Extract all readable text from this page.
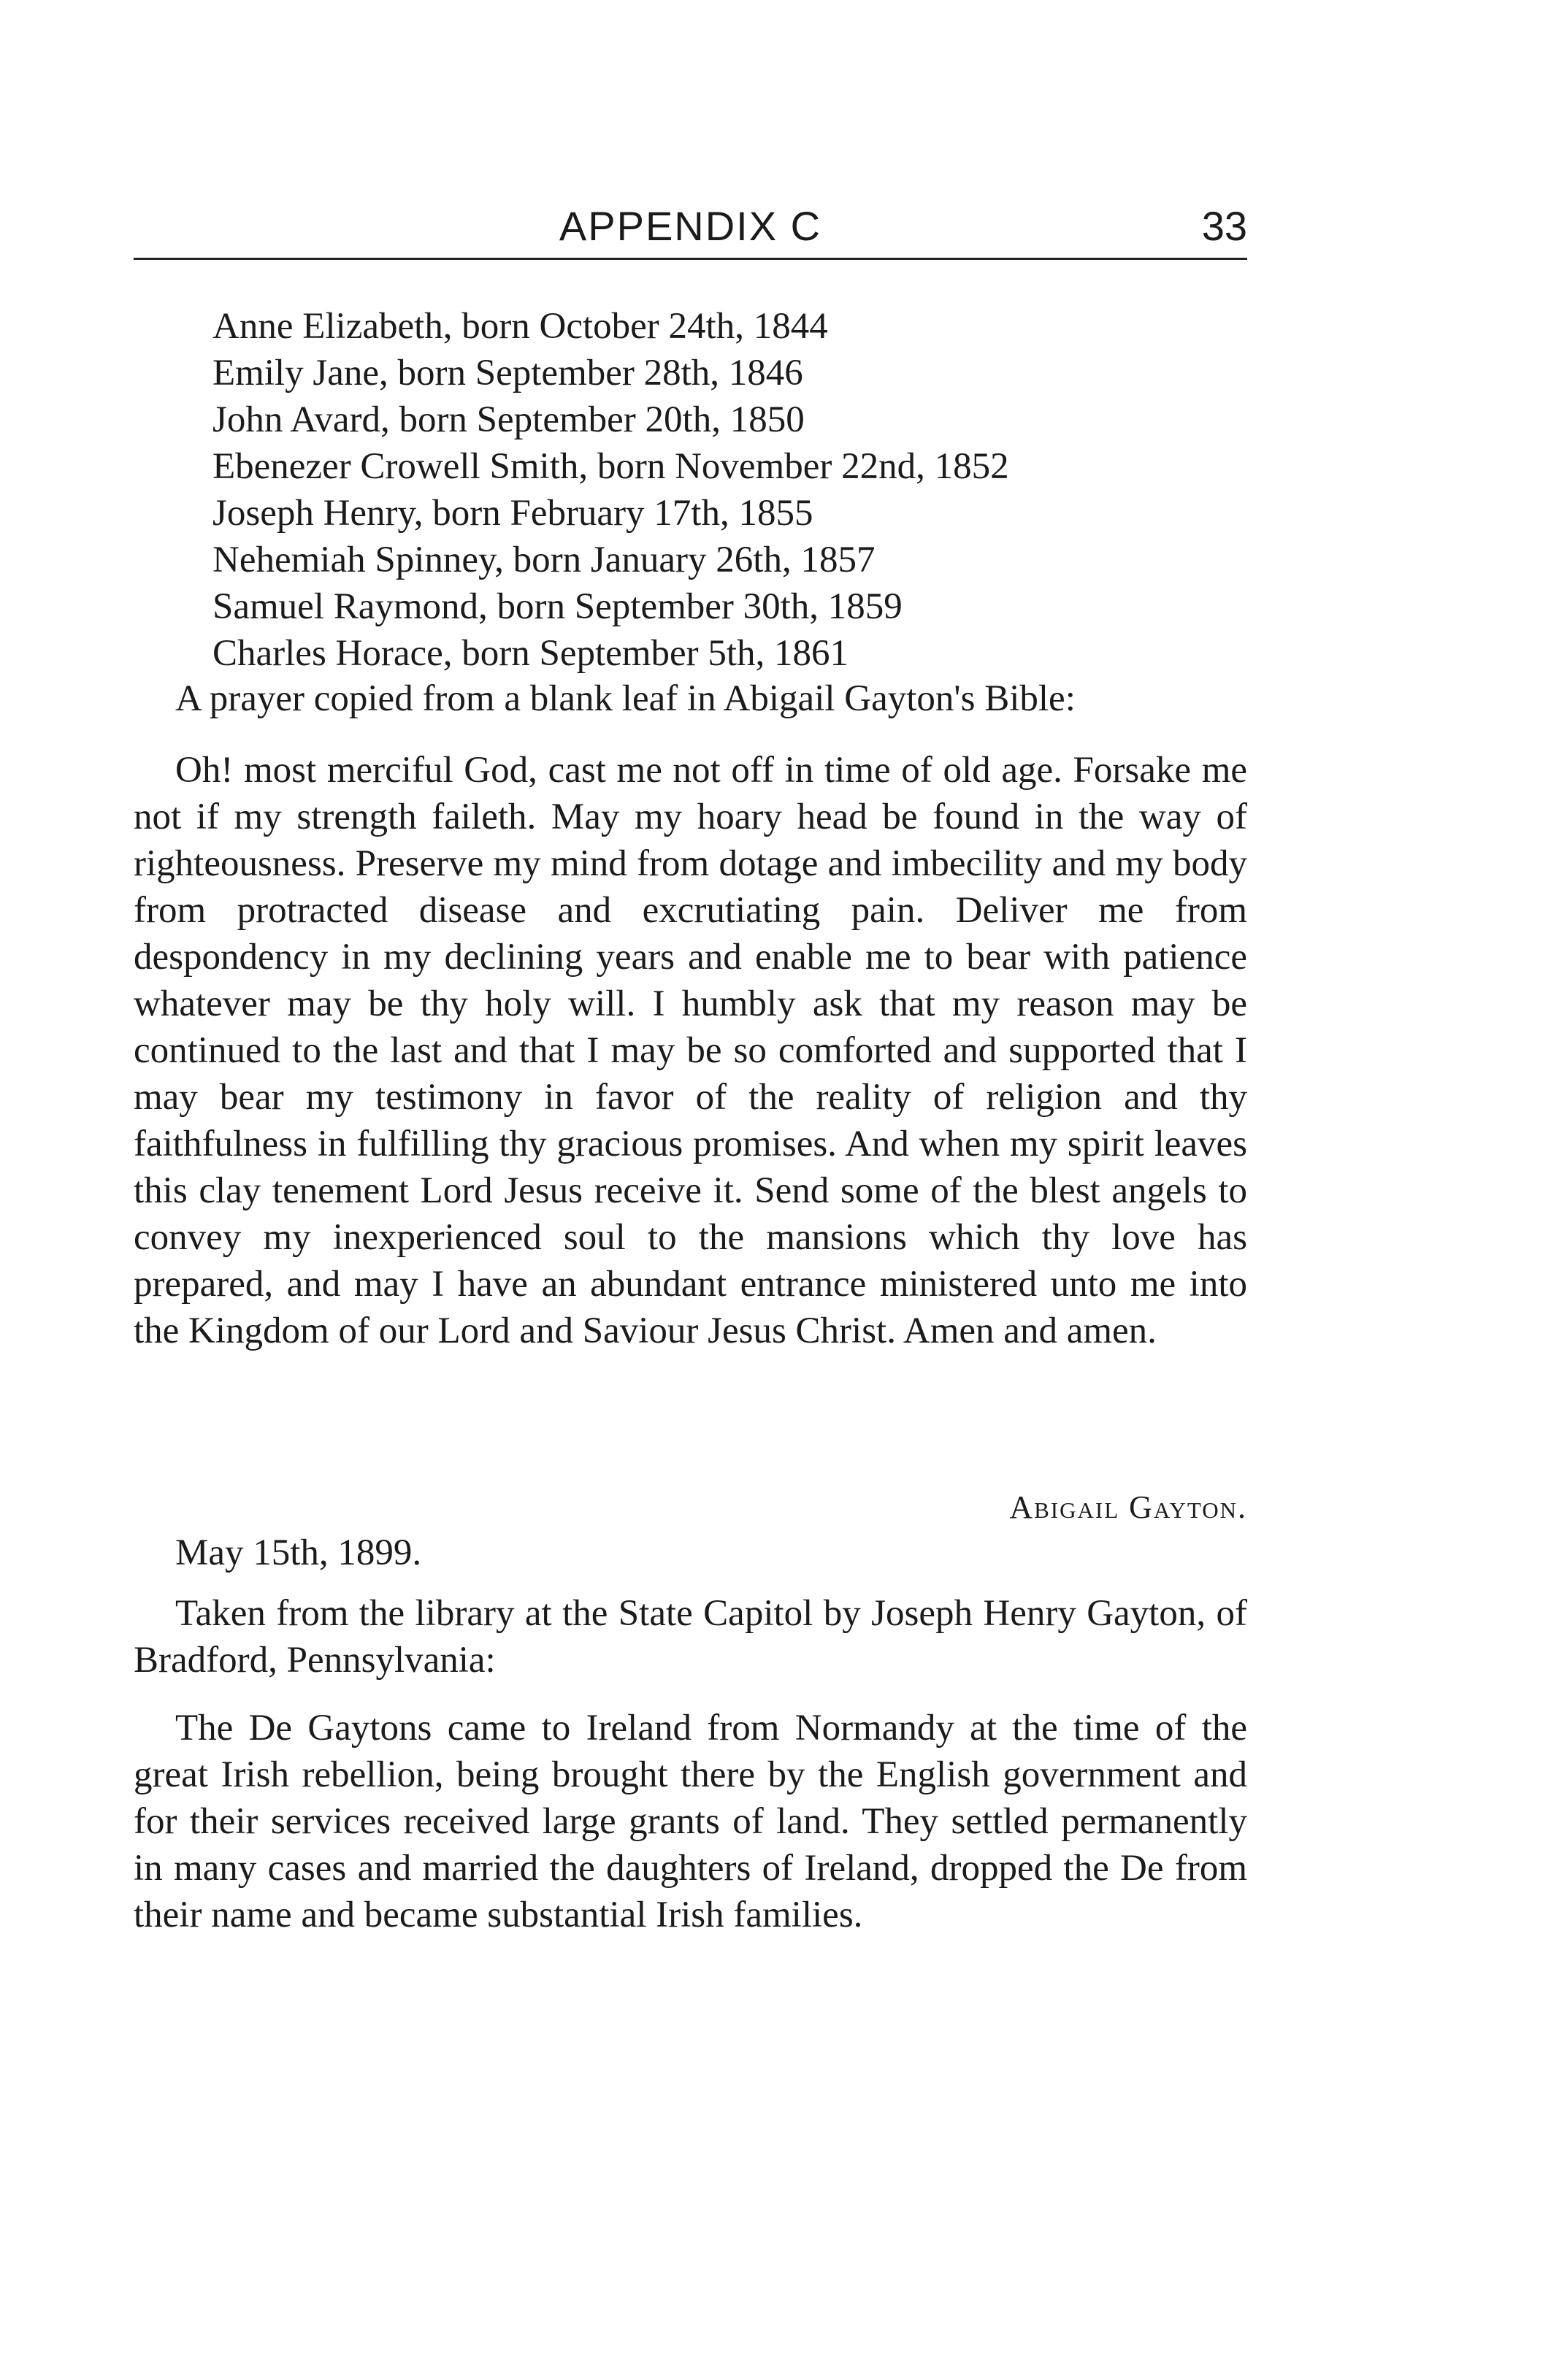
APPENDIX C	33
Anne Elizabeth, born October 24th, 1844
Emily Jane, born September 28th, 1846
John Avard, born September 20th, 1850
Ebenezer Crowell Smith, born November 22nd, 1852
Joseph Henry, born February 17th, 1855
Nehemiah Spinney, born January 26th, 1857
Samuel Raymond, born September 30th, 1859
Charles Horace, born September 5th, 1861
A prayer copied from a blank leaf in Abigail Gayton's Bible:
Oh! most merciful God, cast me not off in time of old age. Forsake me not if my strength faileth. May my hoary head be found in the way of righteousness. Preserve my mind from dotage and imbecility and my body from protracted disease and excrutiating pain. Deliver me from despondency in my declining years and enable me to bear with patience whatever may be thy holy will. I humbly ask that my reason may be continued to the last and that I may be so comforted and supported that I may bear my testimony in favor of the reality of religion and thy faithfulness in fulfilling thy gracious promises. And when my spirit leaves this clay tenement Lord Jesus receive it. Send some of the blest angels to convey my inexperienced soul to the mansions which thy love has prepared, and may I have an abundant entrance ministered unto me into the Kingdom of our Lord and Saviour Jesus Christ. Amen and amen.
Abigail Gayton.
May 15th, 1899.
Taken from the library at the State Capitol by Joseph Henry Gayton, of Bradford, Pennsylvania:
The De Gaytons came to Ireland from Normandy at the time of the great Irish rebellion, being brought there by the English government and for their services received large grants of land. They settled permanently in many cases and married the daughters of Ireland, dropped the De from their name and became substantial Irish families.
